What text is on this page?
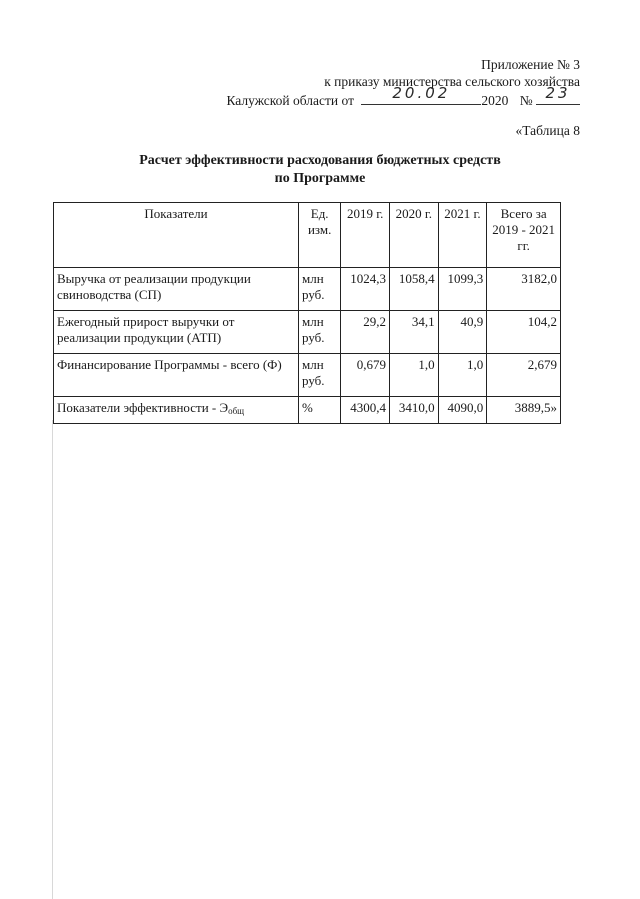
Приложение № 3
к приказу министерства сельского хозяйства
Калужской области от	20.02	2020 № 23
«Таблица 8
Расчет эффективности расходования бюджетных средств
по Программе
Показатели	Ед. изм.	2019 г.	2020 г.	2021 г.	Всего за 2019 - 2021 гг.
Выручка от реализации продукции свиноводства (СП)	млн руб.	1024,3	1058,4	1099,3	3182,0
Ежегодный прирост выручки от реализации продукции (АТП)	млн руб.	29,2	34,1	40,9	104,2
Финансирование Программы - всего (Ф)	млн руб.	0,679	1,0	1,0	2,679
Показатели эффективности - $Э_{общ}$	%	4300,4	3410,0	4090,0	3889,5»
